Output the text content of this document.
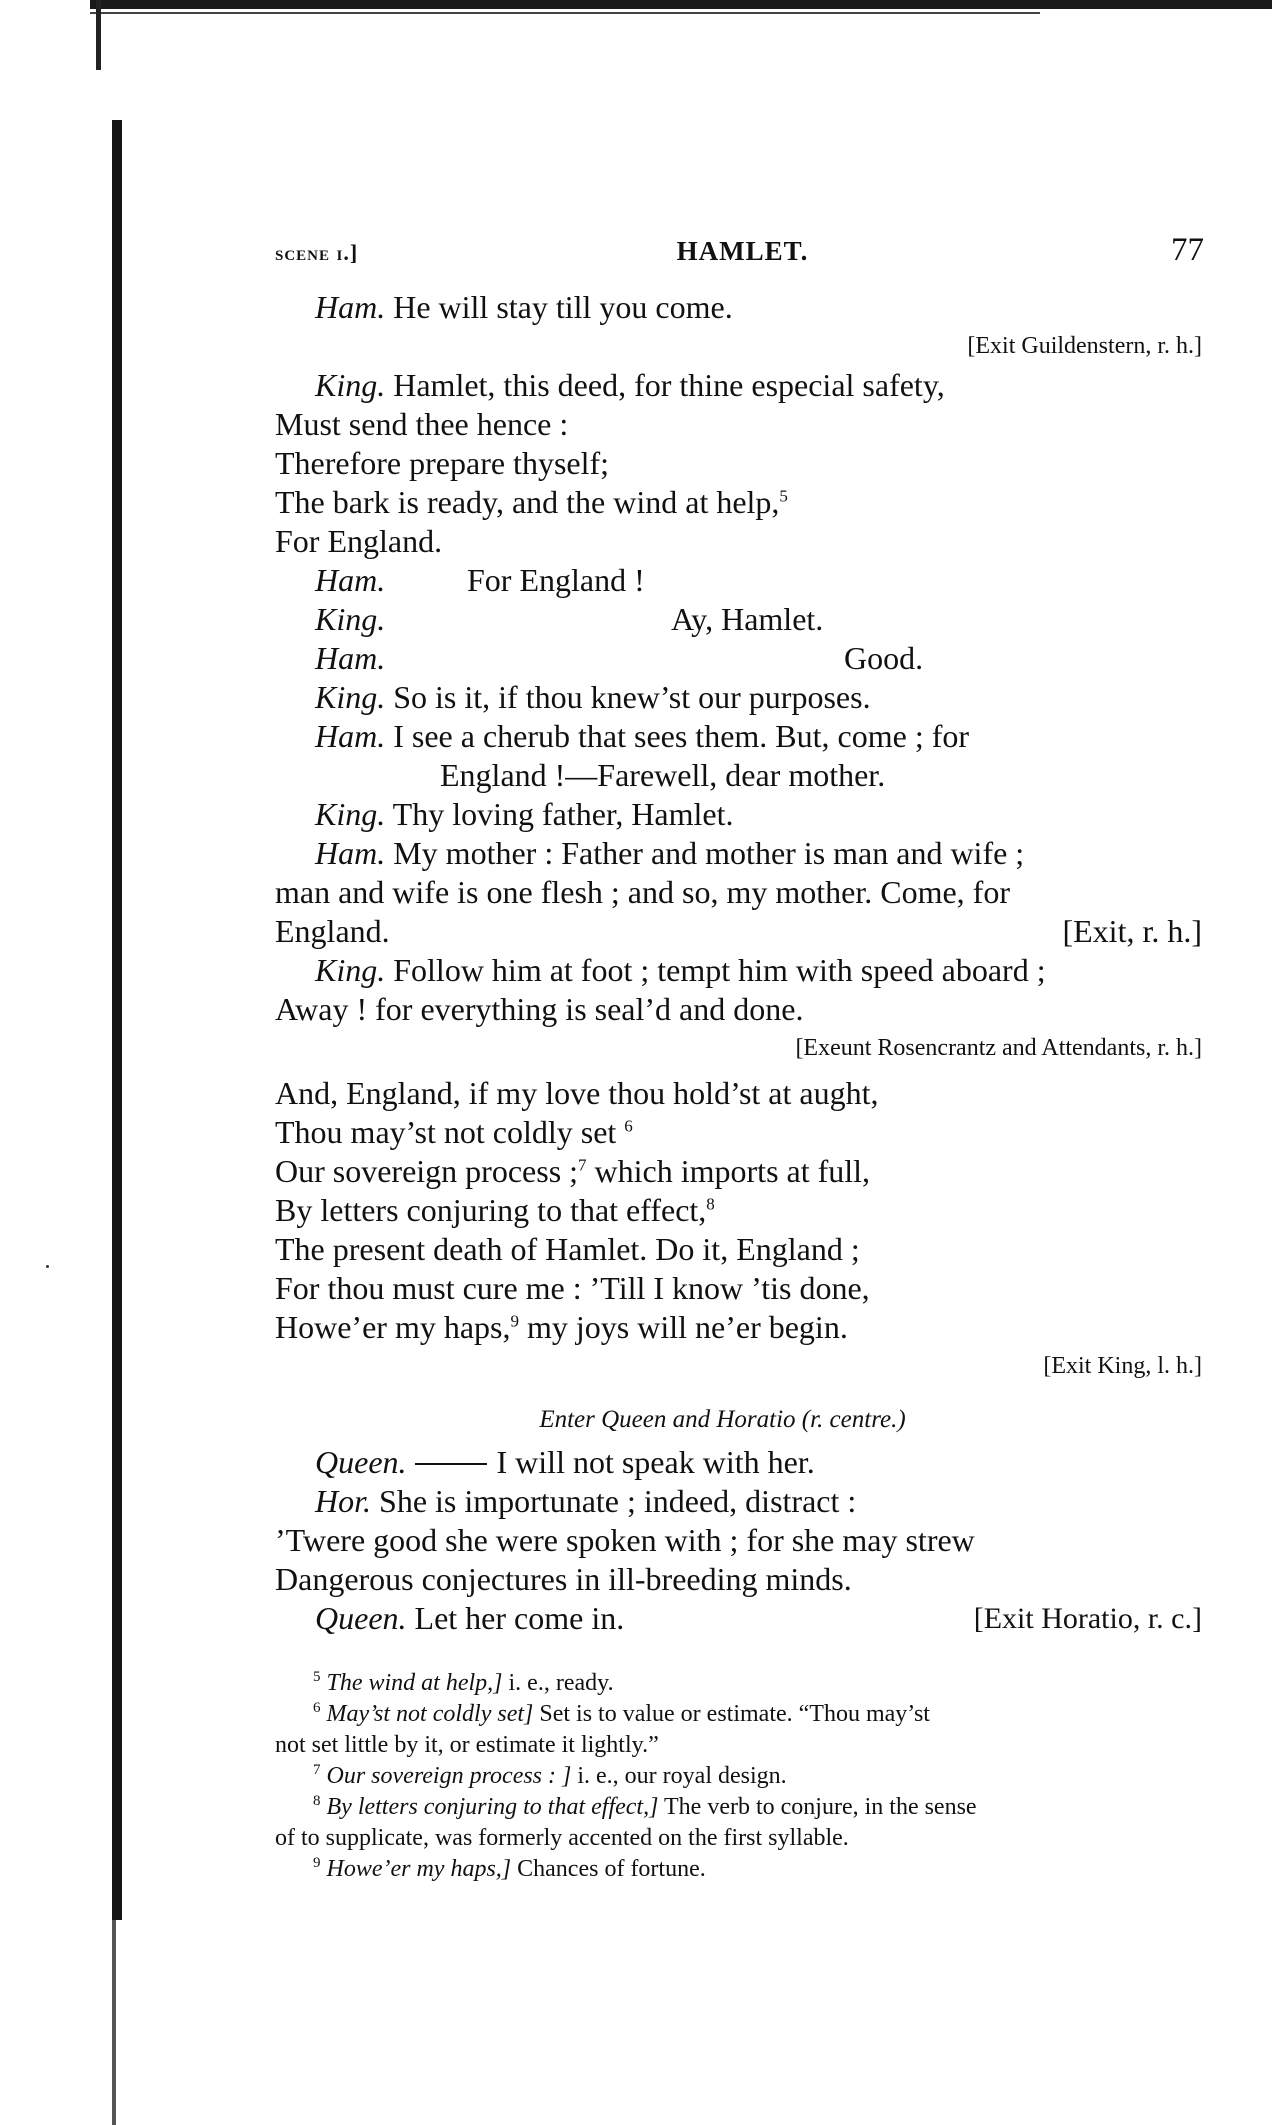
scene i.]	HAMLET.	77
Ham. He will stay till you come.
[Exit Guildenstern, r. h.]
King. Hamlet, this deed, for thine especial safety,
Must send thee hence :
Therefore prepare thyself;
The bark is ready, and the wind at help,$^5$
For England.
Ham.	For England !
King.	Ay, Hamlet.
Ham.	Good.
King. So is it, if thou knew’st our purposes.
Ham. I see a cherub that sees them. But, come ; for
England !—Farewell, dear mother.
King. Thy loving father, Hamlet.
Ham. My mother : Father and mother is man and wife ;
man and wife is one flesh ; and so, my mother. Come, for
England.	[Exit, r. h.]
King. Follow him at foot ; tempt him with speed aboard ;
Away ! for everything is seal’d and done.
[Exeunt Rosencrantz and Attendants, r. h.]
And, England, if my love thou hold’st at aught,
Thou may’st not coldly set $^6$
Our sovereign process ;$^7$ which imports at full,
By letters conjuring to that effect,$^8$
The present death of Hamlet. Do it, England ;
For thou must cure me : ’Till I know ’tis done,
Howe’er my haps,$^9$ my joys will ne’er begin.
[Exit King, l. h.]
Enter Queen and Horatio (r. centre.)
Queen.	I will not speak with her.
Hor. She is importunate ; indeed, distract :
’Twere good she were spoken with ; for she may strew
Dangerous conjectures in ill-breeding minds.
Queen. Let her come in.	[Exit Horatio, r. c.]
$^5$ The wind at help,] i. e., ready.
$^6$ May’st not coldly set] Set is to value or estimate. “Thou may’st
not set little by it, or estimate it lightly.”
$^7$ Our sovereign process : ] i. e., our royal design.
$^8$ By letters conjuring to that effect,] The verb to conjure, in the sense
of to supplicate, was formerly accented on the first syllable.
$^9$ Howe’er my haps,] Chances of fortune.
